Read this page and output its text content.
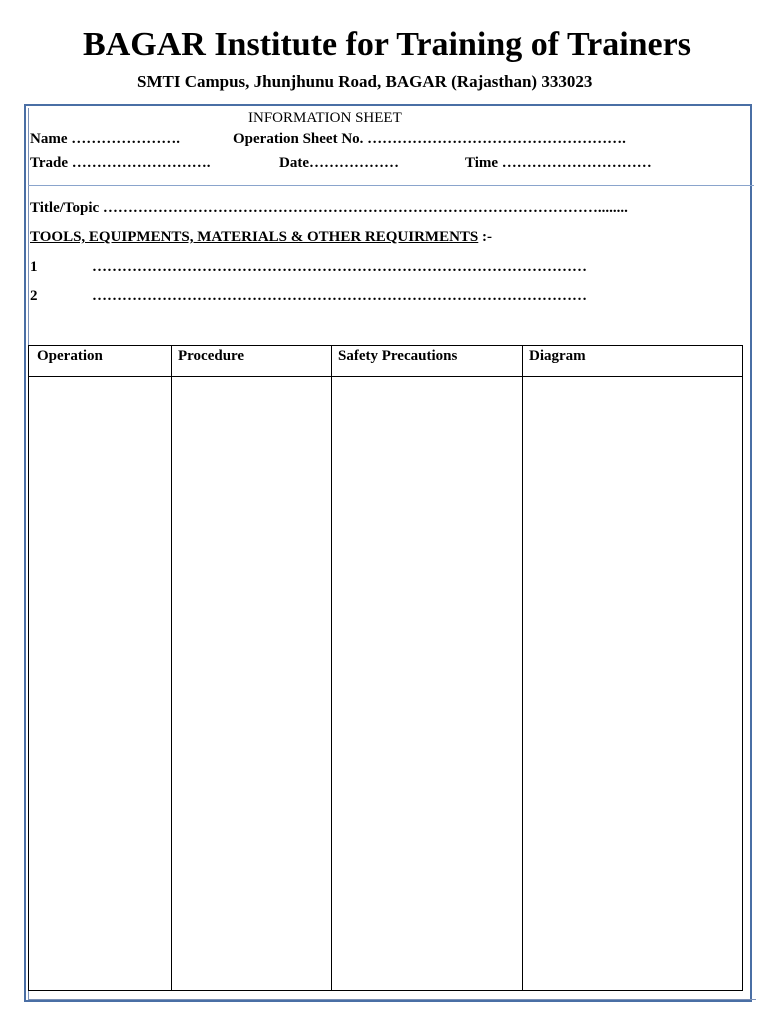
BAGAR Institute for Training of Trainers
SMTI Campus, Jhunjhunu Road, BAGAR (Rajasthan) 333023
INFORMATION SHEET
Name ………………….	Operation Sheet No. …………………………………………….
Trade ……………………….	Date………………	Time …………………………
Title/Topic ………………………………………………………………………………………........
TOOLS, EQUIPMENTS, MATERIALS & OTHER REQUIRMENTS :-
1	………………………………………………………………………………………
2	………………………………………………………………………………………
Operation	Procedure	Safety Precautions	Diagram
